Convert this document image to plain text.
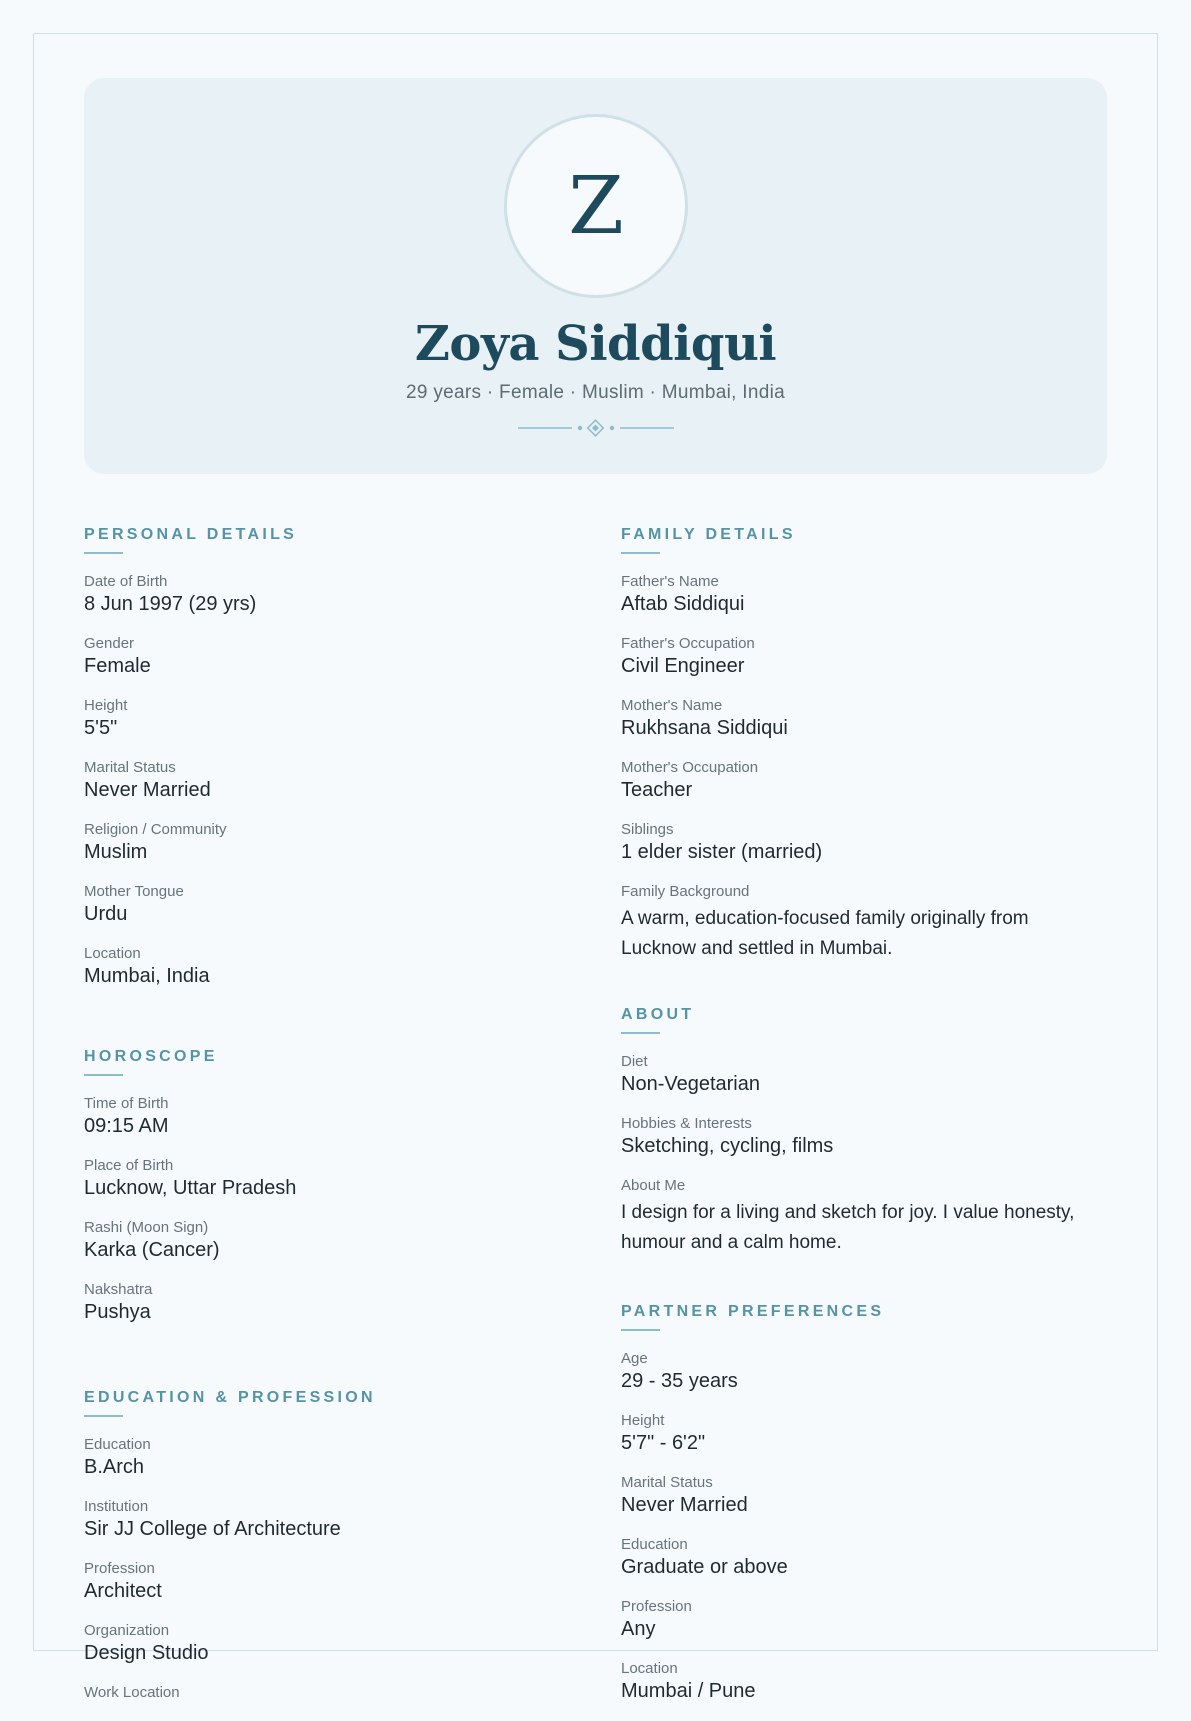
Z
Zoya Siddiqui
29 years · Female · Muslim · Mumbai, India
PERSONAL DETAILS
Date of Birth
8 Jun 1997 (29 yrs)
Gender
Female
Height
5'5"
Marital Status
Never Married
Religion / Community
Muslim
Mother Tongue
Urdu
Location
Mumbai, India
HOROSCOPE
Time of Birth
09:15 AM
Place of Birth
Lucknow, Uttar Pradesh
Rashi (Moon Sign)
Karka (Cancer)
Nakshatra
Pushya
EDUCATION & PROFESSION
Education
B.Arch
Institution
Sir JJ College of Architecture
Profession
Architect
Organization
Design Studio
Work Location
FAMILY DETAILS
Father's Name
Aftab Siddiqui
Father's Occupation
Civil Engineer
Mother's Name
Rukhsana Siddiqui
Mother's Occupation
Teacher
Siblings
1 elder sister (married)
Family Background
A warm, education-focused family originally from Lucknow and settled in Mumbai.
ABOUT
Diet
Non-Vegetarian
Hobbies & Interests
Sketching, cycling, films
About Me
I design for a living and sketch for joy. I value honesty, humour and a calm home.
PARTNER PREFERENCES
Age
29 - 35 years
Height
5'7" - 6'2"
Marital Status
Never Married
Education
Graduate or above
Profession
Any
Location
Mumbai / Pune
